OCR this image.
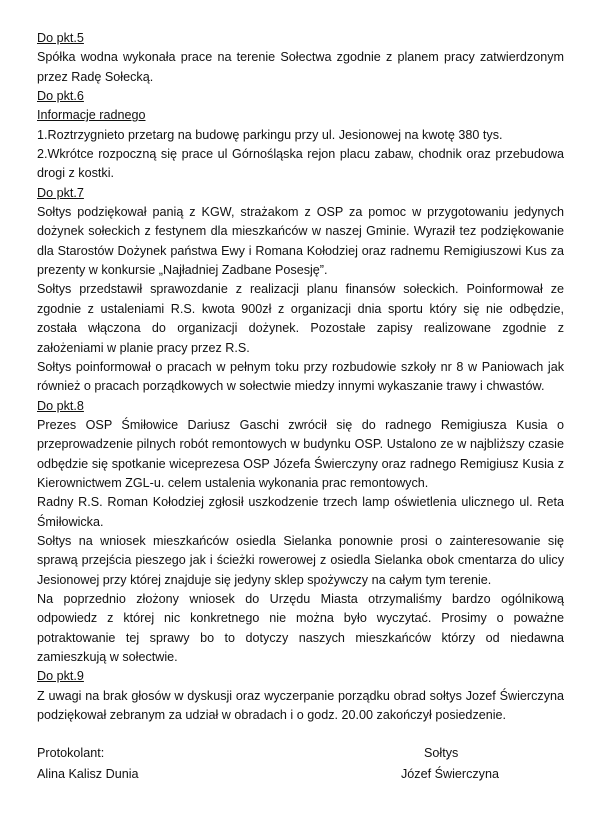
Do pkt.5
Spółka wodna wykonała prace na terenie Sołectwa zgodnie z planem pracy zatwierdzonym przez Radę Sołecką.
Do pkt.6
Informacje radnego
1.Roztrzygnieto przetarg na budowę parkingu przy ul. Jesionowej na kwotę 380 tys.
2.Wkrótce rozpoczną się prace ul Górnośląska rejon placu zabaw, chodnik oraz przebudowa drogi z kostki.
Do pkt.7
Sołtys podziękował panią z KGW, strażakom z OSP za pomoc w przygotowaniu jedynych dożynek sołeckich z festynem dla mieszkańców w naszej Gminie. Wyraził tez podziękowanie dla Starostów Dożynek państwa Ewy i Romana Kołodziej oraz radnemu Remigiuszowi Kus za prezenty w konkursie „Najładniej Zadbane Posesję”.
Sołtys przedstawił sprawozdanie z realizacji planu finansów sołeckich. Poinformował ze zgodnie z ustaleniami R.S. kwota 900zł z organizacji dnia sportu który się nie odbędzie, została włączona do organizacji dożynek. Pozostałe zapisy realizowane zgodnie z założeniami w planie pracy przez R.S.
Sołtys poinformował o pracach w pełnym toku przy rozbudowie szkoły nr 8 w Paniowach jak również o pracach porządkowych w sołectwie miedzy innymi wykaszanie trawy i chwastów.
Do pkt.8
Prezes OSP Śmiłowice Dariusz Gaschi zwrócił się do radnego Remigiusza Kusia o przeprowadzenie pilnych robót remontowych w budynku OSP. Ustalono ze w najbliższy czasie odbędzie się spotkanie wiceprezesa OSP Józefa Świerczyny oraz radnego Remigiusz Kusia z Kierownictwem ZGL-u. celem ustalenia wykonania prac remontowych.
Radny R.S. Roman Kołodziej zgłosił uszkodzenie trzech lamp oświetlenia ulicznego ul. Reta Śmiłowicka.
Sołtys na wniosek mieszkańców osiedla Sielanka ponownie prosi o zainteresowanie się sprawą przejścia pieszego jak i ścieżki rowerowej z osiedla Sielanka obok cmentarza do ulicy Jesionowej przy której znajduje się jedyny sklep spożywczy na całym tym terenie.
Na poprzednio złożony wniosek do Urzędu Miasta otrzymaliśmy bardzo ogólnikową odpowiedz z której nic konkretnego nie można było wyczytać. Prosimy o poważne potraktowanie tej sprawy bo to dotyczy naszych mieszkańców którzy od niedawna zamieszkują w sołectwie.
Do pkt.9
Z uwagi na brak głosów w dyskusji oraz wyczerpanie porządku obrad sołtys Jozef Świerczyna podziękował zebranym za udział w obradach i o godz. 20.00 zakończył posiedzenie.
Protokolant:	Sołtys
Alina Kalisz Dunia	Józef Świerczyna
